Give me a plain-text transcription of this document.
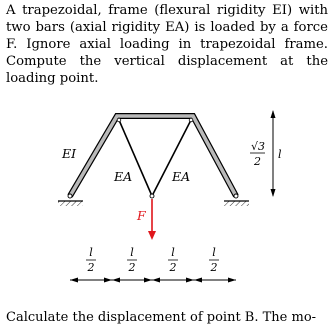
A trapezoidal, frame (flexural rigidity EI) with two bars (axial rigidity EA) is loaded by a force F. Ignore axial loading in trapezoidal frame. Compute the vertical displacement at the loading point.

EI
EA	EA
F
√3
2
l
l
2
l
2
l
2
l
2

Calculate the displacement of point B. The mo-
